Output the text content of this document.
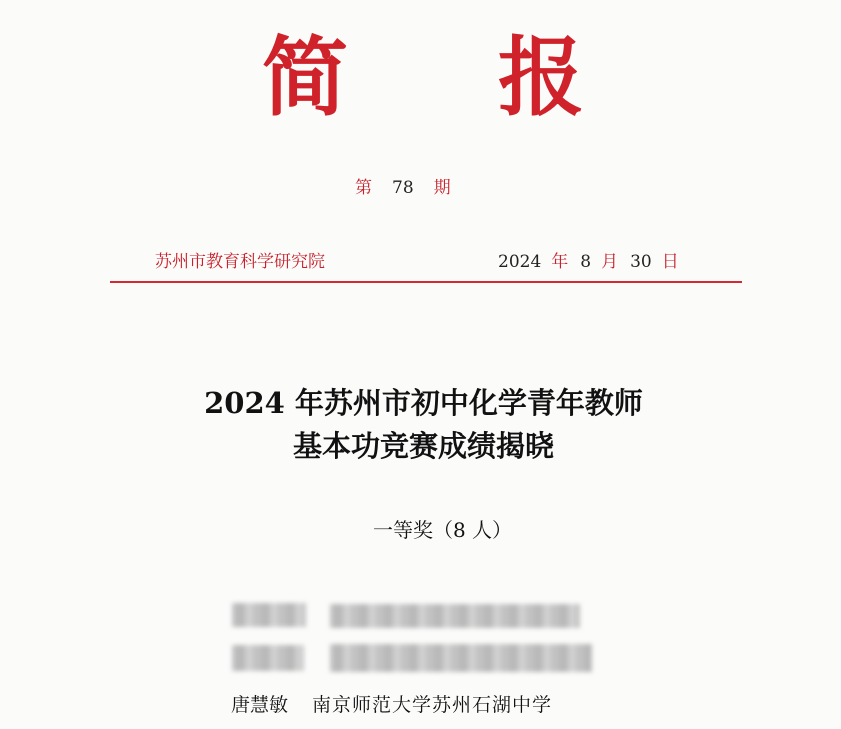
简报
第 78 期
苏州市教育科学研究院	2024 年 8 月 30 日
2024 年苏州市初中化学青年教师
基本功竞赛成绩揭晓
一等奖（8 人）
唐慧敏 南京师范大学苏州石湖中学
